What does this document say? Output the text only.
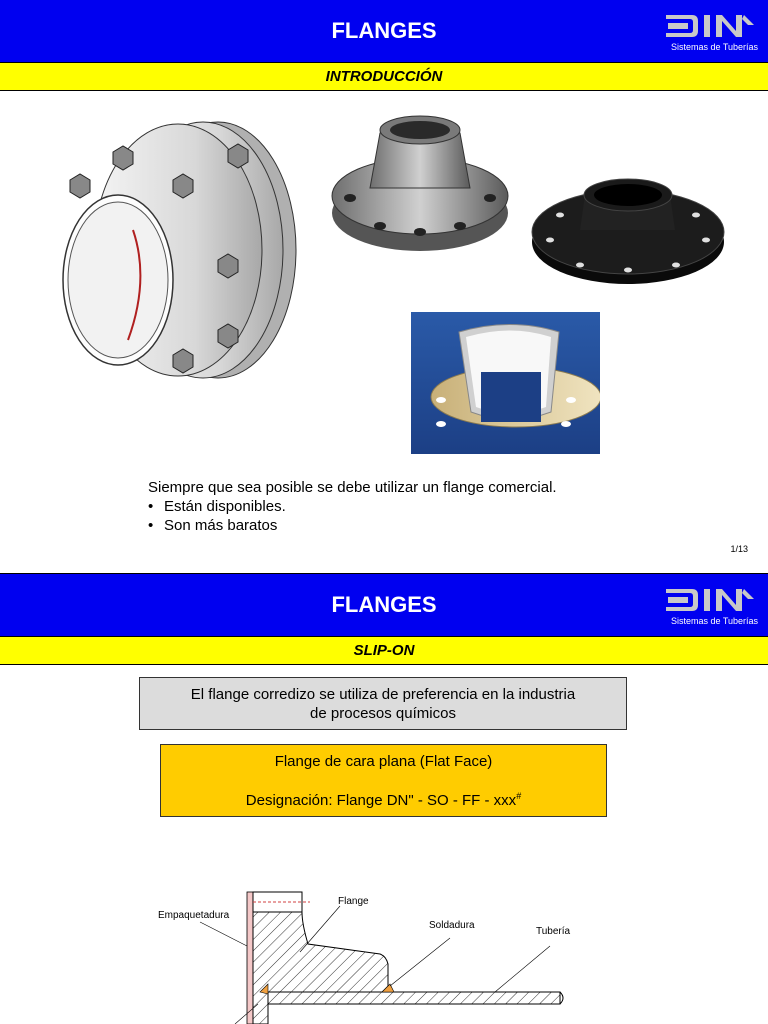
FLANGES
Sistemas de Tuberías
INTRODUCCIÓN
Siempre que sea posible se debe utilizar un flange comercial.
• Están disponibles.
• Son más baratos
1/13
FLANGES
Sistemas de Tuberías
SLIP-ON
El flange corredizo se utiliza de preferencia en la industria
de procesos químicos
Flange de cara plana (Flat Face)
Designación: Flange DN" - SO - FF - xxx#
Flange
Empaquetadura
Soldadura
Tubería
